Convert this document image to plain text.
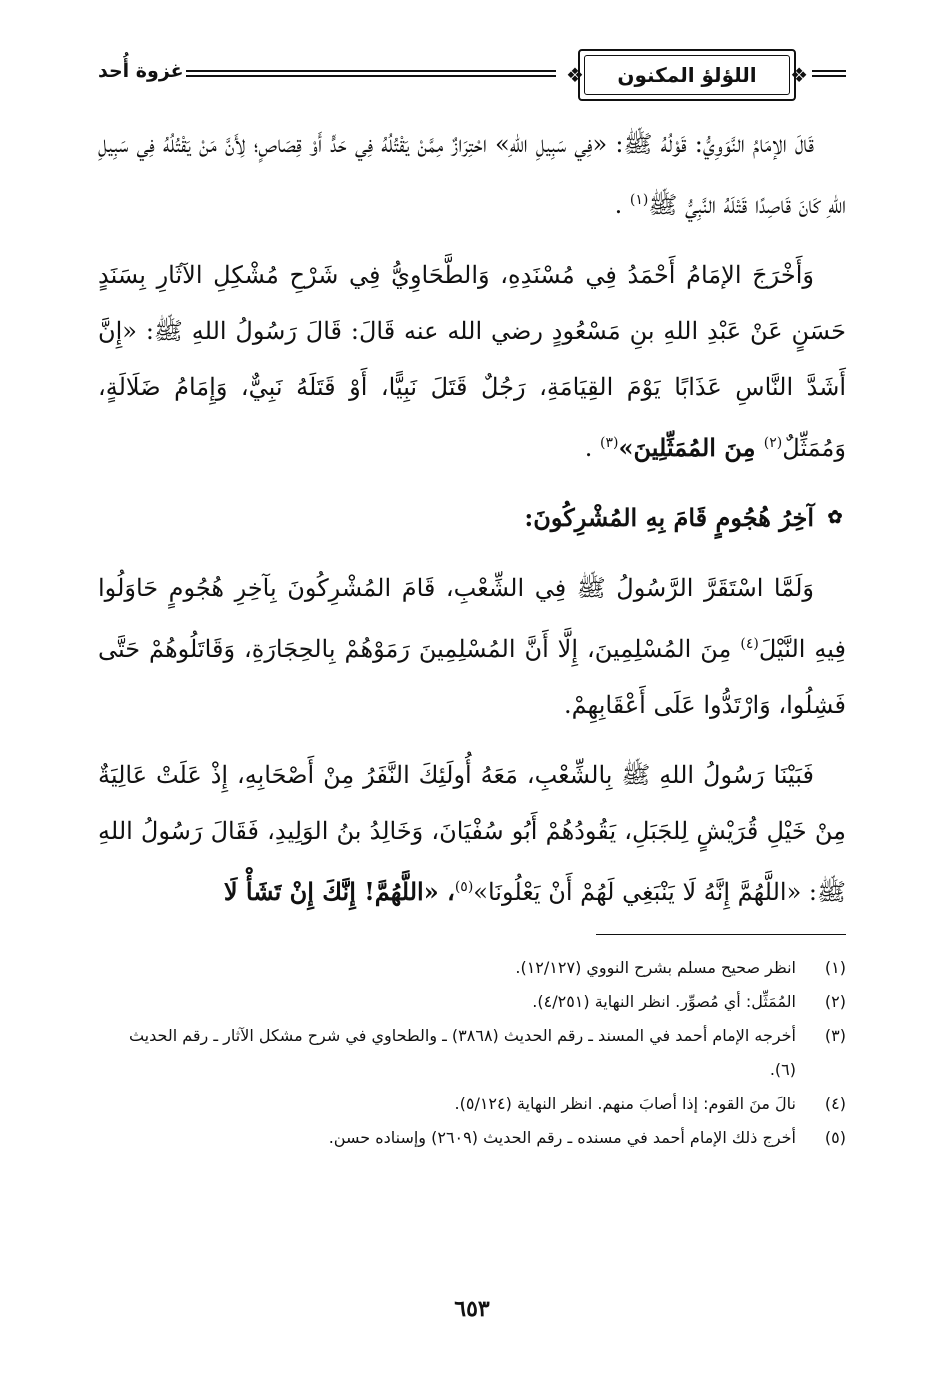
❖
اللؤلؤ المكنون
❖
غزوة أُحد

قَالَ الإمَامُ النَّوَوِيُّ: قَوْلُهُ ﷺ: «فِي سَبِيلِ اللهِ» احْتِرَازٌ مِمَّنْ يَقْتُلُهُ فِي حَدٍّ أَوْ قِصَاصٍ؛ لِأَنَّ مَنْ يَقْتُلُهُ فِي سَبِيلِ اللهِ كَانَ قَاصِدًا قَتْلَهُ النَّبِيُّ ﷺ$^{(١)}$ .

وَأَخْرَجَ الإمَامُ أَحْمَدُ فِي مُسْنَدِهِ، وَالطَّحَاوِيُّ فِي شَرْحِ مُشْكِلِ الآثَارِ بِسَنَدٍ حَسَنٍ عَنْ عَبْدِ اللهِ بنِ مَسْعُودٍ رضي الله عنه قَالَ: قَالَ رَسُولُ اللهِ ﷺ: «إِنَّ أَشَدَّ النَّاسِ عَذَابًا يَوْمَ القِيَامَةِ، رَجُلٌ قَتَلَ نَبِيًّا، أَوْ قَتَلَهُ نَبِيٌّ، وَإِمَامُ ضَلَالَةٍ، وَمُمَثِّلٌ$^{(٢)}$ مِنَ المُمَثِّلِينَ»$^{(٣)}$ .

✿
آخِرُ هُجُومٍ قَامَ بِهِ المُشْرِكُونَ:

وَلَمَّا اسْتَقَرَّ الرَّسُولُ ﷺ فِي الشِّعْبِ، قَامَ المُشْرِكُونَ بِآخِرِ هُجُومٍ حَاوَلُوا فِيهِ النَّيْلَ$^{(٤)}$ مِنَ المُسْلِمِينَ، إِلَّا أَنَّ المُسْلِمِينَ رَمَوْهُمْ بِالحِجَارَةِ، وَقَاتَلُوهُمْ حَتَّى فَشِلُوا، وَارْتَدُّوا عَلَى أَعْقَابِهِمْ.

فَبَيْنَا رَسُولُ اللهِ ﷺ بِالشِّعْبِ، مَعَهُ أُولَئِكَ النَّفَرُ مِنْ أَصْحَابِهِ، إِذْ عَلَتْ عَالِيَةٌ مِنْ خَيْلِ قُرَيْشٍ لِلجَبَلِ، يَقُودُهُمْ أَبُو سُفْيَانَ، وَخَالِدُ بنُ الوَلِيدِ، فَقَالَ رَسُولُ اللهِ ﷺ: «اللَّهُمَّ إِنَّهُ لَا يَنْبَغِي لَهُمْ أَنْ يَعْلُونَا»$^{(٥)}$، «اللَّهُمَّ! إِنَّكَ إِنْ تَشَأْ لَا

(١)
انظر صحيح مسلم بشرح النووي (١٢/١٢٧).
(٢)
المُمَثِّل: أي مُصوِّر. انظر النهاية (٤/٢٥١).
(٣)
أخرجه الإمام أحمد في المسند ـ رقم الحديث (٣٨٦٨) ـ والطحاوي في شرح مشكل الآثار ـ رقم الحديث (٦).
(٤)
نالَ منَ القوم: إذا أصابَ منهم. انظر النهاية (٥/١٢٤).
(٥)
أخرج ذلك الإمام أحمد في مسنده ـ رقم الحديث (٢٦٠٩) وإسناده حسن.
٦٥٣
